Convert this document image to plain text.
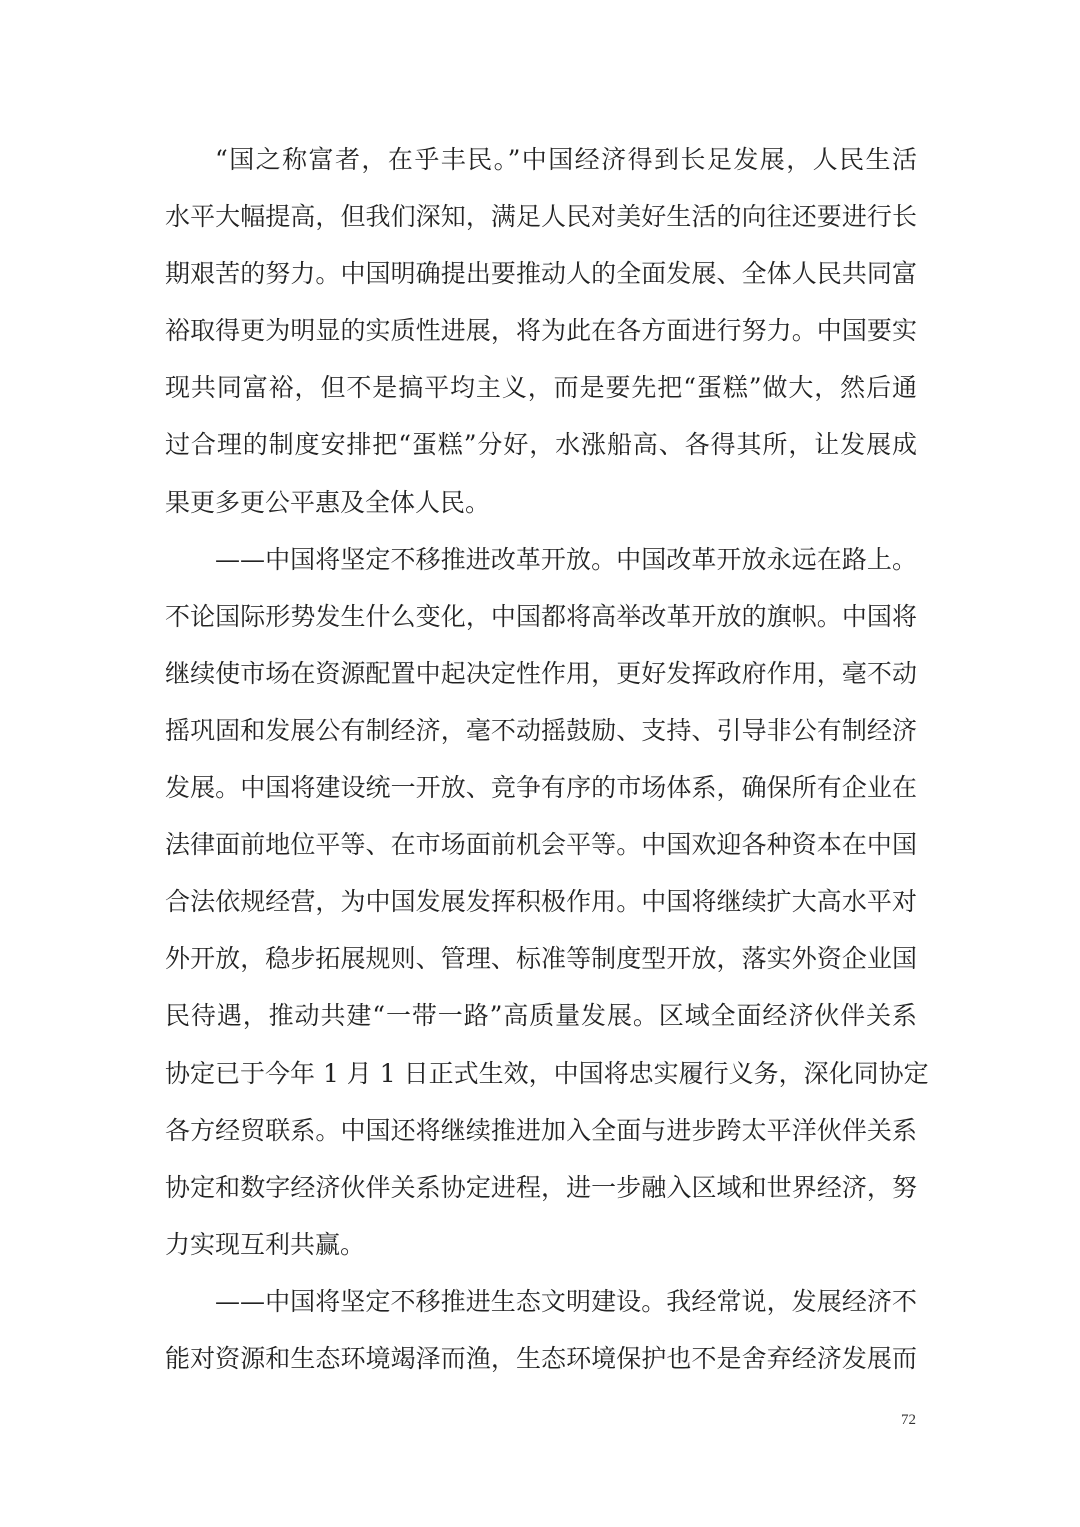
“国之称富者，在乎丰民。”中国经济得到长足发展，人民生活
水平大幅提高，但我们深知，满足人民对美好生活的向往还要进行长
期艰苦的努力。中国明确提出要推动人的全面发展、全体人民共同富
裕取得更为明显的实质性进展，将为此在各方面进行努力。中国要实
现共同富裕，但不是搞平均主义，而是要先把“蛋糕”做大，然后通
过合理的制度安排把“蛋糕”分好，水涨船高、各得其所，让发展成
果更多更公平惠及全体人民。
——中国将坚定不移推进改革开放。中国改革开放永远在路上。
不论国际形势发生什么变化，中国都将高举改革开放的旗帜。中国将
继续使市场在资源配置中起决定性作用，更好发挥政府作用，毫不动
摇巩固和发展公有制经济，毫不动摇鼓励、支持、引导非公有制经济
发展。中国将建设统一开放、竞争有序的市场体系，确保所有企业在
法律面前地位平等、在市场面前机会平等。中国欢迎各种资本在中国
合法依规经营，为中国发展发挥积极作用。中国将继续扩大高水平对
外开放，稳步拓展规则、管理、标准等制度型开放，落实外资企业国
民待遇，推动共建“一带一路”高质量发展。区域全面经济伙伴关系
协定已于今年 1 月 1 日正式生效，中国将忠实履行义务，深化同协定
各方经贸联系。中国还将继续推进加入全面与进步跨太平洋伙伴关系
协定和数字经济伙伴关系协定进程，进一步融入区域和世界经济，努
力实现互利共赢。
——中国将坚定不移推进生态文明建设。我经常说，发展经济不
能对资源和生态环境竭泽而渔，生态环境保护也不是舍弃经济发展而
72
